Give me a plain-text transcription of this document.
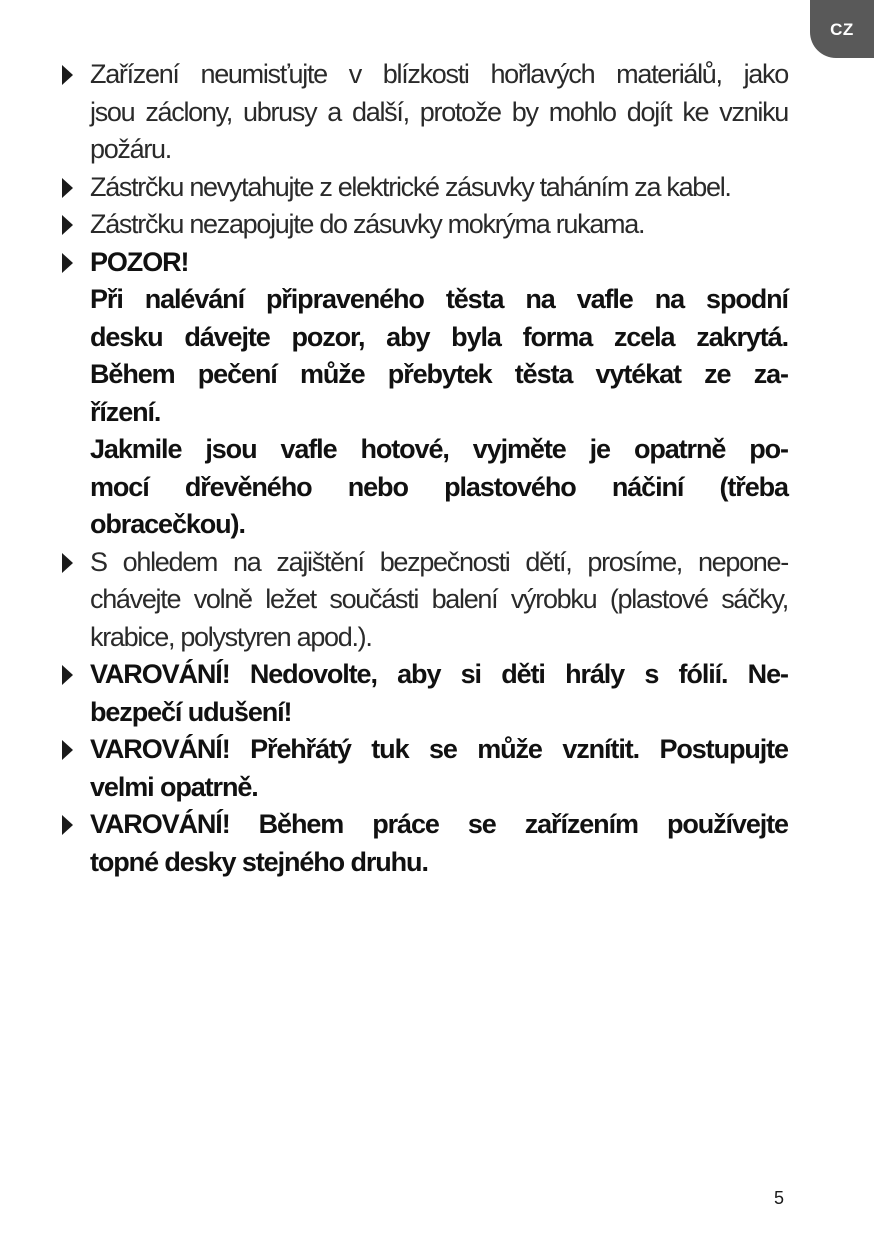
CZ

Zařízení neumisťujte v blízkosti hořlavých materiálů, jako
jsou záclony, ubrusy a další, protože by mohlo dojít ke vzniku
požáru.

Zástrčku nevytahujte z elektrické zásuvky taháním za kabel.

Zástrčku nezapojujte do zásuvky mokrýma rukama.

POZOR!
Při nalévání připraveného těsta na vafle na spodní
desku dávejte pozor, aby byla forma zcela zakrytá.
Během pečení může přebytek těsta vytékat ze za-
řízení.
Jakmile jsou vafle hotové, vyjměte je opatrně po-
mocí dřevěného nebo plastového náčiní (třeba
obracečkou).

S ohledem na zajištění bezpečnosti dětí, prosíme, nepone-
chávejte volně ležet součásti balení výrobku (plastové sáčky,
krabice, polystyren apod.).

VAROVÁNÍ! Nedovolte, aby si děti hrály s fólií. Ne-
bezpečí udušení!

VAROVÁNÍ! Přehřátý tuk se může vznítit. Postupujte
velmi opatrně.

VAROVÁNÍ! Během práce se zařízením používejte
topné desky stejného druhu.

5
